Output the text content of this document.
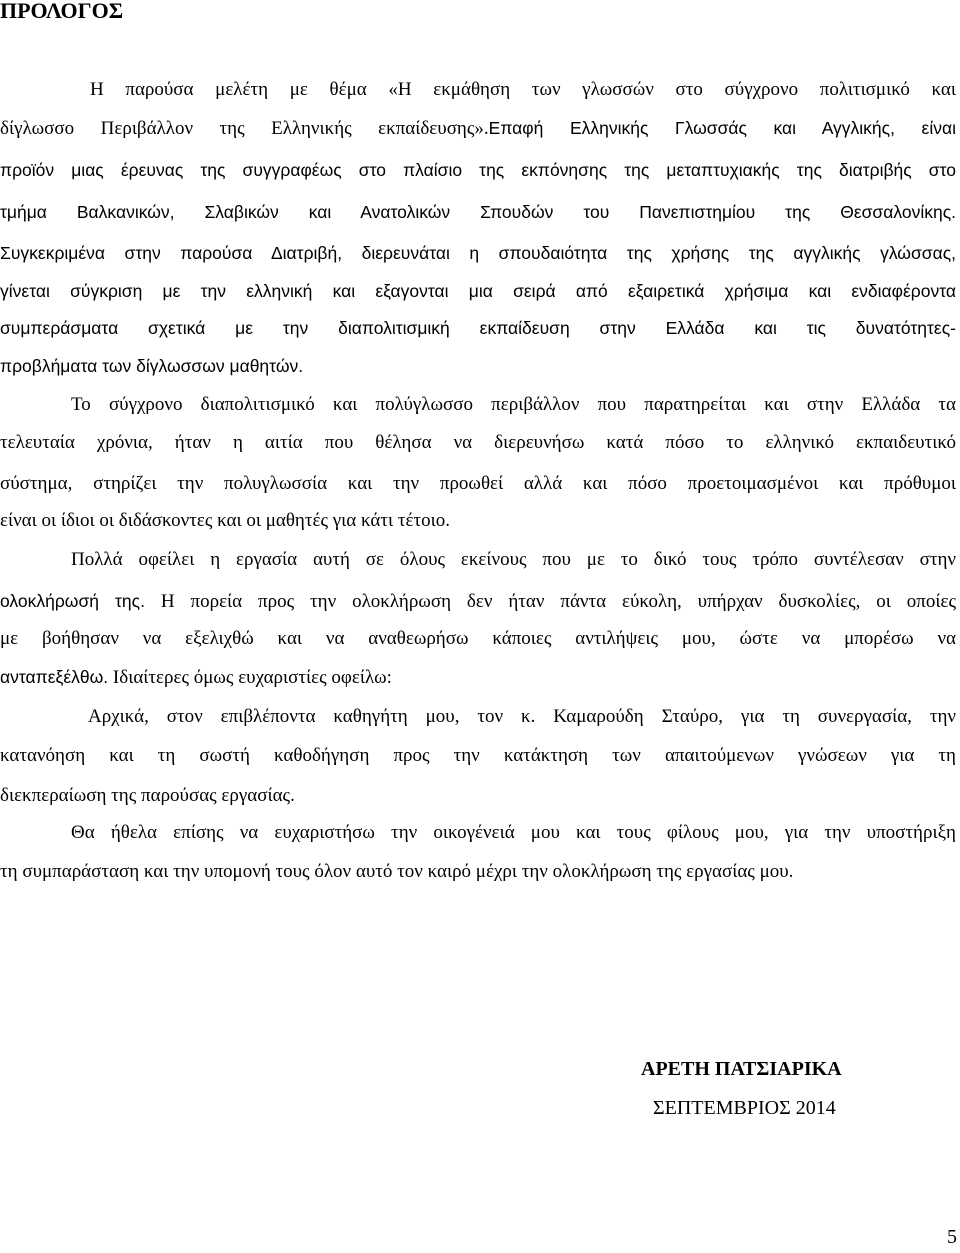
ΠΡΟΛΟΓΟΣ
Η παρούσα μελέτη με θέμα «Η εκμάθηση των γλωσσών στο σύγχρονο πολιτισμικό και
δίγλωσσο Περιβάλλον της Ελληνικής εκπαίδευσης».Επαφή Ελληνικής Γλωσσάς και Αγγλικής, είναι
προϊόν μιας έρευνας της συγγραφέως στο πλαίσιο της εκπόνησης της μεταπτυχιακής της διατριβής στο
τμήμα Βαλκανικών, Σλαβικών και Ανατολικών Σπουδών του Πανεπιστημίου της Θεσσαλονίκης.
Συγκεκριμένα στην παρούσα Διατριβή, διερευνάται η σπουδαιότητα της χρήσης της αγγλικής γλώσσας,
γίνεται σύγκριση με την ελληνική και εξαγονται μια σειρά από εξαιρετικά χρήσιμα και ενδιαφέροντα
συμπεράσματα σχετικά με την διαπολιτισμική εκπαίδευση στην Ελλάδα και τις δυνατότητες-
προβλήματα των δίγλωσσων μαθητών.
Το σύγχρονο διαπολιτισμικό και πολύγλωσσο περιβάλλον που παρατηρείται και στην Ελλάδα τα
τελευταία χρόνια, ήταν η αιτία που θέλησα να διερευνήσω κατά πόσο το ελληνικό εκπαιδευτικό
σύστημα, στηρίζει την πολυγλωσσία και την προωθεί αλλά και πόσο προετοιμασμένοι και πρόθυμοι
είναι οι ίδιοι οι διδάσκοντες και οι μαθητές για κάτι τέτοιο.
Πολλά οφείλει η εργασία αυτή σε όλους εκείνους που με το δικό τους τρόπο συντέλεσαν στην
ολοκλήρωσή της. Η πορεία προς την ολοκλήρωση δεν ήταν πάντα εύκολη, υπήρχαν δυσκολίες, οι οποίες
με βοήθησαν να εξελιχθώ και να αναθεωρήσω κάποιες αντιλήψεις μου, ώστε να μπορέσω να
ανταπεξέλθω. Ιδιαίτερες όμως ευχαριστίες οφείλω:
Αρχικά, στον επιβλέποντα καθηγήτη μου, τον κ. Καμαρούδη Σταύρο, για τη συνεργασία, την
κατανόηση και τη σωστή καθοδήγηση προς την κατάκτηση των απαιτούμενων γνώσεων για τη
διεκπεραίωση της παρούσας εργασίας.
Θα ήθελα επίσης να ευχαριστήσω την οικογένειά μου και τους φίλους μου, για την υποστήριξη
τη συμπαράσταση και την υπομονή τους όλον αυτό τον καιρό μέχρι την ολοκλήρωση της εργασίας μου.
ΑΡΕΤΗ ΠΑΤΣΙΑΡΙΚΑ
ΣΕΠΤΕΜΒΡΙΟΣ 2014
5
